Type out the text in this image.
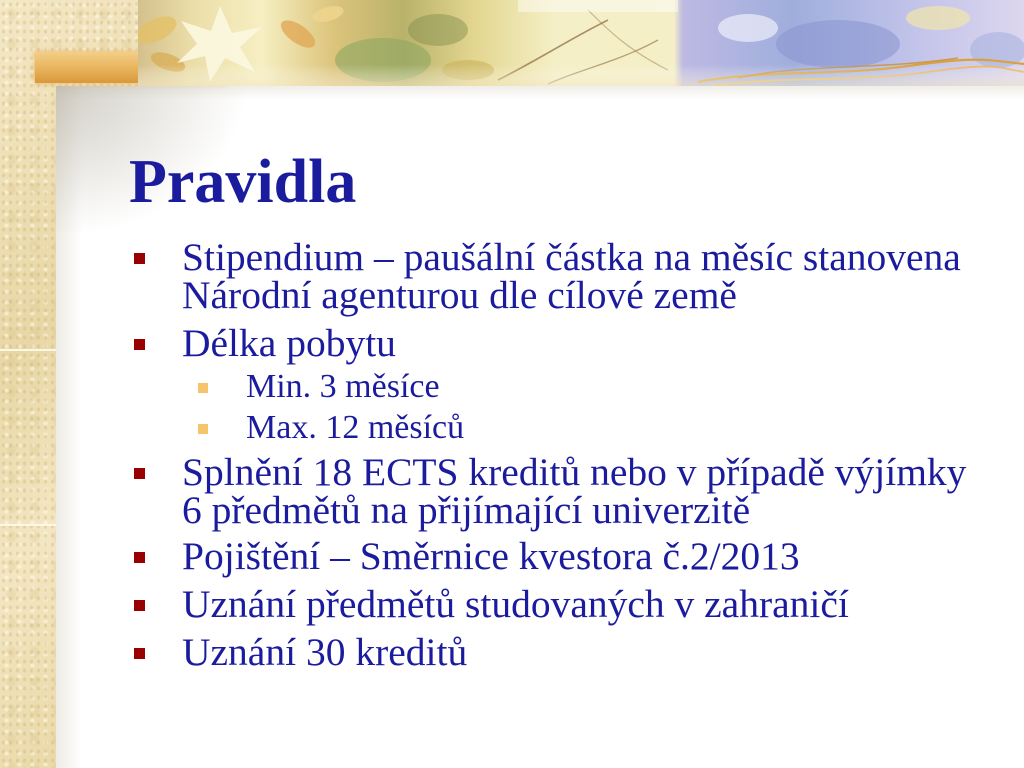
Pravidla
Stipendium – paušální částka na měsíc stanovena
Národní agenturou dle cílové země
Délka pobytu
Min. 3 měsíce
Max. 12 měsíců
Splnění 18 ECTS kreditů nebo v případě výjímky
6 předmětů na přijímající univerzitě
Pojištění – Směrnice kvestora č.2/2013
Uznání předmětů studovaných v zahraničí
Uznání 30 kreditů
